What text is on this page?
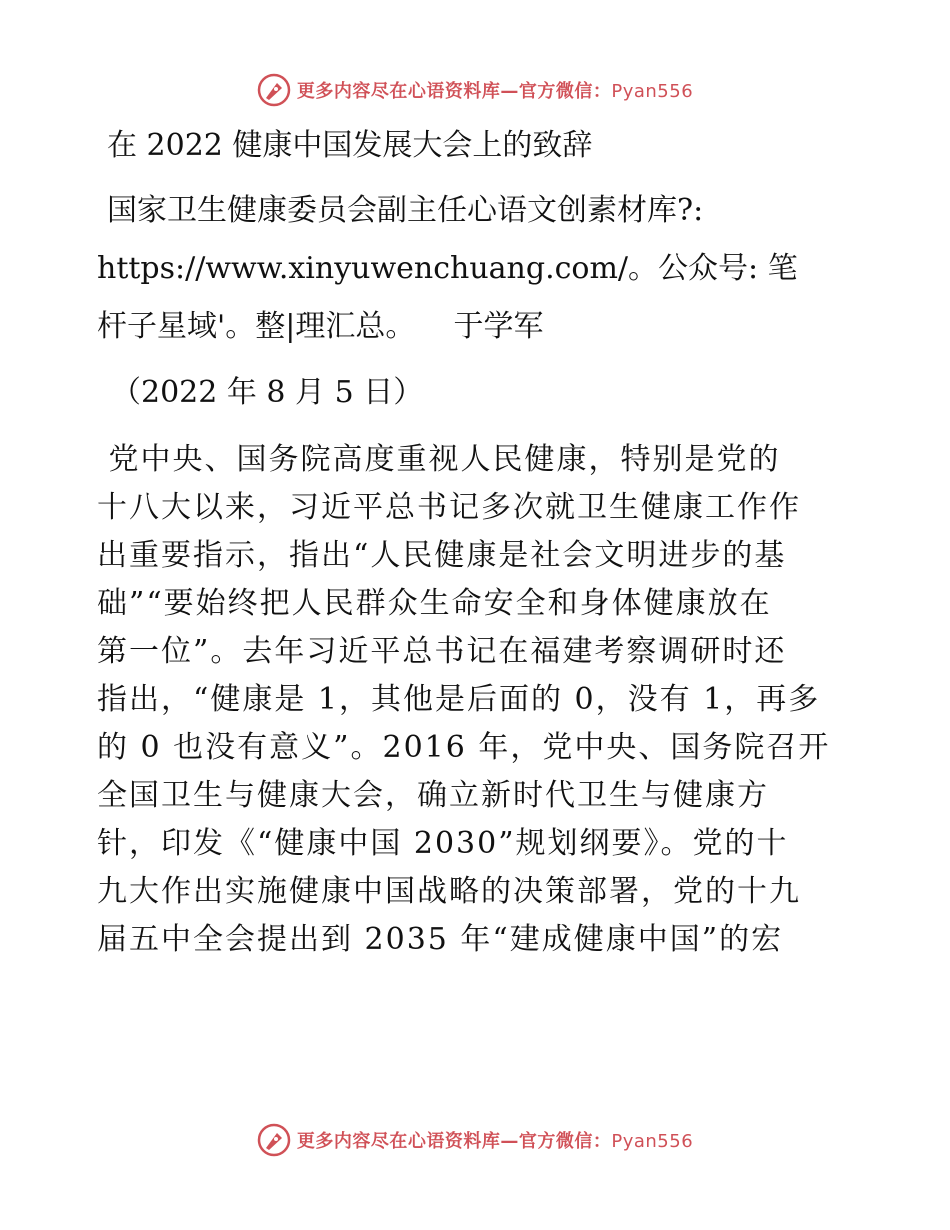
更多内容尽在心语资料库—官方微信：Pyan556
在 2022 健康中国发展大会上的致辞

国家卫生健康委员会副主任心语文创素材库?:

https://www.xinyuwenchuang.com/。公众号: 笔

杆子星域'。整|理汇总。    于学军

（2022 年 8 月 5 日）

党中央、国务院高度重视人民健康，特别是党的
十八大以来，习近平总书记多次就卫生健康工作作
出重要指示，指出“人民健康是社会文明进步的基
础”“要始终把人民群众生命安全和身体健康放在
第一位”。去年习近平总书记在福建考察调研时还
指出，“健康是 1，其他是后面的 0，没有 1，再多
的 0 也没有意义”。2016 年，党中央、国务院召开
全国卫生与健康大会，确立新时代卫生与健康方
针，印发《“健康中国 2030”规划纲要》。党的十
九大作出实施健康中国战略的决策部署，党的十九
届五中全会提出到 2035 年“建成健康中国”的宏

更多内容尽在心语资料库—官方微信：Pyan556
